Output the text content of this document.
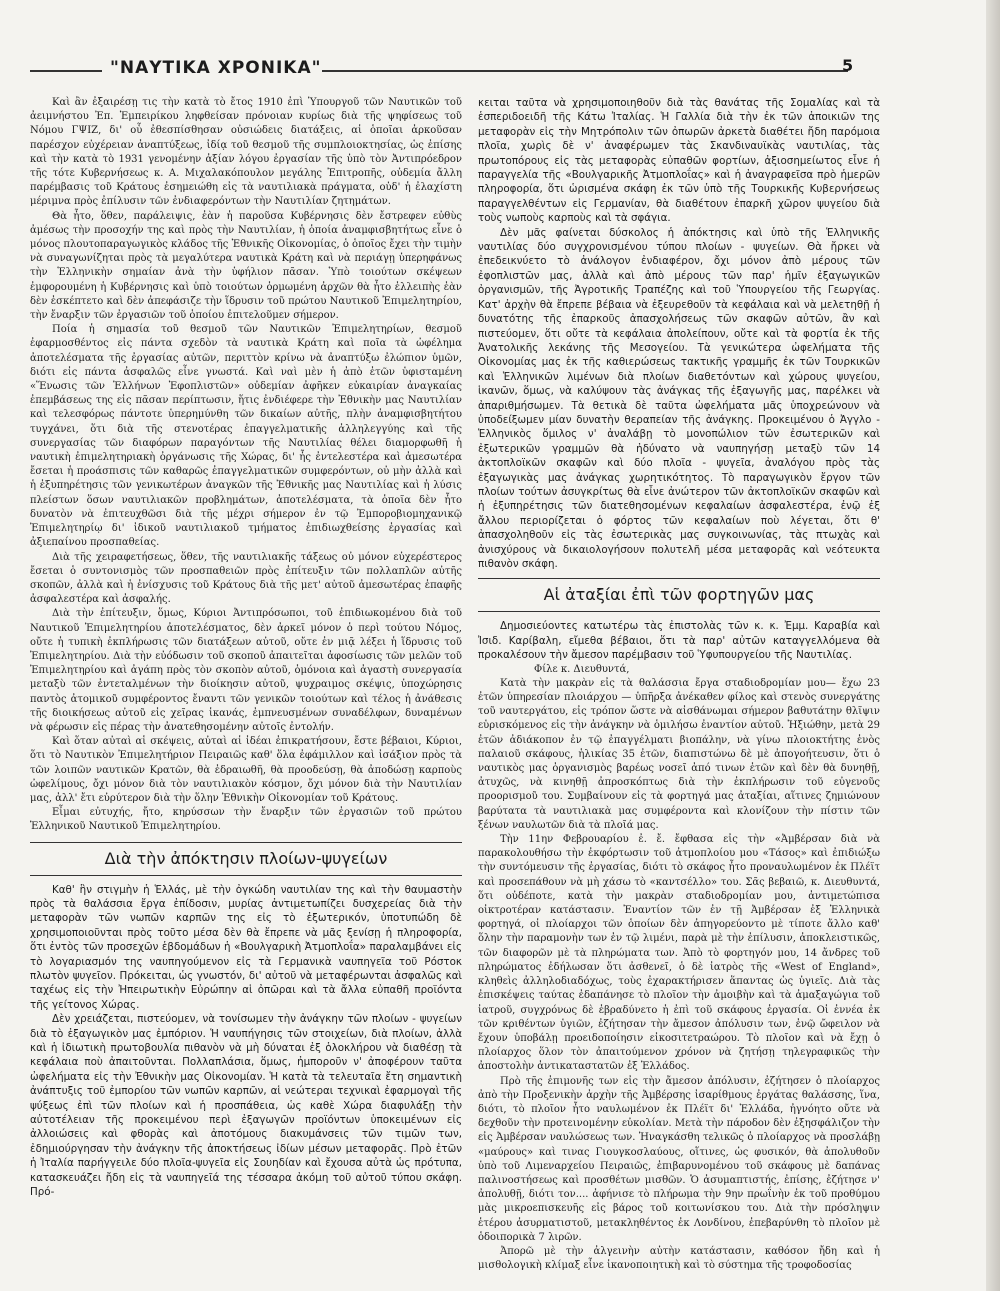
"ΝΑΥΤΙΚΑ ΧΡΟΝΙΚΑ"	5

Καὶ ἂν ἐξαιρέσῃ τις τὴν κατὰ τὸ ἔτος 1910 ἐπὶ Ὑπουργοῦ τῶν Ναυτικῶν τοῦ ἀειμνήστου Ἐπ. Ἐμπειρίκου ληφθείσαν πρόνοιαν κυρίως διὰ τῆς ψηφίσεως τοῦ Νόμου ΓΨΙΖ, δι' οὗ ἐθεσπίσθησαν οὐσιώδεις διατάξεις, αἱ ὁποῖαι ἀρκοῦσαν παρέσχον εὐχέρειαν ἀναπτύξεως, ἰδίᾳ τοῦ θεσμοῦ τῆς συμπλοιοκτησίας, ὡς ἐπίσης καὶ τὴν κατὰ τὸ 1931 γενομένην ἀξίαν λόγου ἐργασίαν τῆς ὑπὸ τὸν Ἀντιπρόεδρον τῆς τότε Κυβερνήσεως κ. Α. Μιχαλακόπουλον μεγάλης Ἐπιτροπῆς, οὐδεμία ἄλλη παρέμβασις τοῦ Κράτους ἐσημειώθη εἰς τὰ ναυτιλιακὰ πράγματα, οὐδ' ἡ ἐλαχίστη μέριμνα πρὸς ἐπίλυσιν τῶν ἐνδιαφερόντων τὴν Ναυτιλίαν ζητημάτων.

Θὰ ἦτο, ὅθεν, παράλειψις, ἐὰν ἡ παροῦσα Κυβέρνησις δὲν ἔστρεφεν εὐθὺς ἀμέσως τὴν προσοχήν της καὶ πρὸς τὴν Ναυτιλίαν, ἡ ὁποία ἀναμφισβητήτως εἶνε ὁ μόνος πλουτοπαραγωγικὸς κλάδος τῆς Ἐθνικῆς Οἰκονομίας, ὁ ὁποῖος ἔχει τὴν τιμὴν νὰ συναγωνίζηται πρὸς τὰ μεγαλύτερα ναυτικὰ Κράτη καὶ νὰ περιάγῃ ὑπερηφάνως τὴν Ἑλληνικὴν σημαίαν ἀνὰ τὴν ὑφήλιον πᾶσαν. Ὑπὸ τοιούτων σκέψεων ἐμφορουμένη ἡ Κυβέρνησις καὶ ὑπὸ τοιούτων ὁρμωμένη ἀρχῶν θὰ ἦτο ἐλλειπὴς ἐὰν δὲν ἐσκέπτετο καὶ δὲν ἀπεφάσιζε τὴν ἵδρυσιν τοῦ πρώτου Ναυτικοῦ Ἐπιμελητηρίου, τὴν ἔναρξιν τῶν ἐργασιῶν τοῦ ὁποίου ἐπιτελοῦμεν σήμερον.

Ποία ἡ σημασία τοῦ θεσμοῦ τῶν Ναυτικῶν Ἐπιμελητηρίων, θεσμοῦ ἐφαρμοσθέντος εἰς πάντα σχεδὸν τὰ ναυτικὰ Κράτη καὶ ποῖα τὰ ὠφέλημα ἀποτελέσματα τῆς ἐργασίας αὐτῶν, περιττὸν κρίνω νὰ ἀναπτύξω ἐλώπιον ὑμῶν, διότι εἰς πάντα ἀσφαλῶς εἶνε γνωστά. Καὶ ναὶ μὲν ἡ ἀπὸ ἐτῶν ὑφισταμένη «Ἕνωσις τῶν Ἑλλήνων Ἐφοπλιστῶν» οὐδεμίαν ἀφῆκεν εὐκαιρίαν ἀναγκαίας ἐπεμβάσεως της εἰς πᾶσαν περίπτωσιν, ἥτις ἐνδιέφερε τὴν Ἐθνικὴν μας Ναυτιλίαν καὶ τελεσφόρως πάντοτε ὑπερημύνθη τῶν δικαίων αὐτῆς, πλὴν ἀναμφισβητήτου τυγχάνει, ὅτι διὰ τῆς στενοτέρας ἐπαγγελματικῆς ἀλληλεγγύης καὶ τῆς συνεργασίας τῶν διαφόρων παραγόντων τῆς Ναυτιλίας θέλει διαμορφωθῆ ἡ ναυτικὴ ἐπιμελητηριακὴ ὀργάνωσις τῆς Χώρας, δι' ἧς ἐντελεστέρα καὶ ἀμεσωτέρα ἔσεται ἡ προάσπισις τῶν καθαρῶς ἐπαγγελματικῶν συμφερόντων, οὐ μὴν ἀλλὰ καὶ ἡ ἐξυπηρέτησις τῶν γενικωτέρων ἀναγκῶν τῆς Ἐθνικῆς μας Ναυτιλίας καὶ ἡ λύσις πλείστων ὅσων ναυτιλιακῶν προβλημάτων, ἀποτελέσματα, τὰ ὁποῖα δὲν ἦτο δυνατὸν νὰ ἐπιτευχθῶσι διὰ τῆς μέχρι σήμερον ἐν τῷ Ἐμποροβιομηχανικῷ Ἐπιμελητηρίῳ δι' ἰδικοῦ ναυτιλιακοῦ τμήματος ἐπιδιωχθείσης ἐργασίας καὶ ἀξιεπαίνου προσπαθείας.

Διὰ τῆς χειραφετήσεως, ὅθεν, τῆς ναυτιλιακῆς τάξεως οὐ μόνον εὐχερέστερος ἔσεται ὁ συντονισμὸς τῶν προσπαθειῶν πρὸς ἐπίτευξιν τῶν πολλαπλῶν αὐτῆς σκοπῶν, ἀλλὰ καὶ ἡ ἐνίσχυσις τοῦ Κράτους διὰ τῆς μετ' αὐτοῦ ἀμεσωτέρας ἐπαφῆς ἀσφαλεστέρα καὶ ἀσφαλής.

Διὰ τὴν ἐπίτευξιν, ὅμως, Κύριοι Ἀντιπρόσωποι, τοῦ ἐπιδιωκομένου διὰ τοῦ Ναυτικοῦ Ἐπιμελητηρίου ἀποτελέσματος, δὲν ἀρκεῖ μόνον ὁ περὶ τούτου Νόμος, οὔτε ἡ τυπικὴ ἐκπλήρωσις τῶν διατάξεων αὐτοῦ, οὔτε ἐν μιᾷ λέξει ἡ ἵδρυσις τοῦ Ἐπιμελητηρίου. Διὰ τὴν εὐόδωσιν τοῦ σκοποῦ ἀπαιτεῖται ἀφοσίωσις τῶν μελῶν τοῦ Ἐπιμελητηρίου καὶ ἀγάπη πρὸς τὸν σκοπὸν αὐτοῦ, ὁμόνοια καὶ ἀγαστὴ συνεργασία μεταξὺ τῶν ἐντεταλμένων τὴν διοίκησιν αὐτοῦ, ψυχραιμος σκέψις, ὑποχώρησις παντὸς ἀτομικοῦ συμφέροντος ἔναντι τῶν γενικῶν τοιούτων καὶ τέλος ἡ ἀνάθεσις τῆς διοικήσεως αὐτοῦ εἰς χεῖρας ἱκανάς, ἐμπνευσμένων συναδέλφων, δυναμένων νὰ φέρωσιν εἰς πέρας τὴν ἀνατεθησομένην αὐτοῖς ἐντολήν.

Καὶ ὅταν αὐταὶ αἱ σκέψεις, αὐταὶ αἱ ἰδέαι ἐπικρατήσουν, ἔστε βέβαιοι, Κύριοι, ὅτι τὸ Ναυτικὸν Ἐπιμελητήριον Πειραιῶς καθ' ὅλα ἐφάμιλλον καὶ ἰσάξιον πρὸς τὰ τῶν λοιπῶν ναυτικῶν Κρατῶν, θὰ ἐδραιωθῆ, θὰ προοδεύσῃ, θὰ ἀποδώσῃ καρποὺς ὠφελίμους, ὄχι μόνον διὰ τὸν ναυτιλιακὸν κόσμον, ὄχι μόνον διὰ τὴν Ναυτιλίαν μας, ἀλλ' ἔτι εὐρύτερον διὰ τὴν ὅλην Ἐθνικὴν Οἰκονομίαν τοῦ Κράτους.

Εἶμαι εὐτυχής, ἤτο, κηρύσσων τὴν ἔναρξιν τῶν ἐργασιῶν τοῦ πρώτου Ἑλληνικοῦ Ναυτικοῦ Ἐπιμελητηρίου.

Διὰ τὴν ἀπόκτησιν πλοίων-ψυγείων

Καθ' ἣν στιγμὴν ἡ Ἑλλάς, μὲ τὴν ὀγκώδη ναυτιλίαν της καὶ τὴν θαυμαστὴν πρὸς τὰ θαλάσσια ἔργα ἐπίδοσιν, μυρίας ἀντιμετωπίζει δυσχερείας διὰ τὴν μεταφορὰν τῶν νωπῶν καρπῶν της εἰς τὸ ἐξωτερικόν, ὑποτυπώδη δὲ χρησιμοποιοῦνται πρὸς τοῦτο μέσα δὲν θὰ ἔπρεπε νὰ μᾶς ξενίσῃ ἡ πληροφορία, ὅτι ἐντὸς τῶν προσεχῶν ἑβδομάδων ἡ «Βουλγαρικὴ Ἀτμοπλοΐα» παραλαμβάνει εἰς τὸ λογαριασμόν της ναυπηγούμενον εἰς τὰ Γερμανικὰ ναυπηγεῖα τοῦ Ρόστοκ πλωτὸν ψυγεῖον. Πρόκειται, ὡς γνωστόν, δι' αὐτοῦ νὰ μεταφέρωνται ἀσφαλῶς καὶ ταχέως εἰς τὴν Ἠπειρωτικὴν Εὐρώπην αἱ ὀπῶραι καὶ τὰ ἄλλα εὐπαθῆ προϊόντα τῆς γείτονος Χώρας.

Δὲν χρειάζεται, πιστεύομεν, νὰ τονίσωμεν τὴν ἀνάγκην τῶν πλοίων - ψυγείων διὰ τὸ ἐξαγωγικὸν μας ἐμπόριον. Ἡ ναυπήγησις τῶν στοιχείων, διὰ πλοίων, ἀλλὰ καὶ ἡ ἰδιωτικὴ πρωτοβουλία πιθανὸν νὰ μὴ δύναται ἐξ ὁλοκλήρου νὰ διαθέσῃ τὰ κεφάλαια ποὺ ἀπαιτοῦνται. Πολλαπλάσια, ὅμως, ἠμποροῦν ν' ἀποφέρουν ταῦτα ὠφελήματα εἰς τὴν Ἐθνικὴν μας Οἰκονομίαν. Ἡ κατὰ τὰ τελευταῖα ἔτη σημαντικὴ ἀνάπτυξις τοῦ ἐμπορίου τῶν νωπῶν καρπῶν, αἱ νεώτεραι τεχνικαὶ ἐφαρμογαὶ τῆς ψύξεως ἐπὶ τῶν πλοίων καὶ ἡ προσπάθεια, ὡς καθὲ Χώρα διαφυλάξῃ τὴν αὐτοτέλειαν τῆς προκειμένου περὶ ἐξαγωγῶν προϊόντων ὑποκειμένων εἰς ἀλλοιώσεις καὶ φθορὰς καὶ ἀποτόμους διακυμάνσεις τῶν τιμῶν των, ἐδημιούργησαν τὴν ἀνάγκην τῆς ἀποκτήσεως ἰδίων μέσων μεταφορᾶς. Πρὸ ἐτῶν ἡ Ἰταλία παρήγγειλε δύο πλοῖα-ψυγεῖα εἰς Σουηδίαν καὶ ἔχουσα αὐτὰ ὡς πρότυπα, κατασκευάζει ἤδη εἰς τὰ ναυπηγεῖά της τέσσαρα ἀκόμη τοῦ αὐτοῦ τύπου σκάφη. Πρό-

κειται ταῦτα νὰ χρησιμοποιηθοῦν διὰ τὰς θανάτας τῆς Σομαλίας καὶ τὰ ἑσπεριδοειδῆ τῆς Κάτω Ἰταλίας. Ἡ Γαλλία διὰ τὴν ἐκ τῶν ἀποικιῶν της μεταφορὰν εἰς τὴν Μητρόπολιν τῶν ὀπωρῶν ἀρκετὰ διαθέτει ἤδη παρόμοια πλοῖα, χωρὶς δὲ ν' ἀναφέρωμεν τὰς Σκανδιναυϊκὰς ναυτιλίας, τὰς πρωτοπόρους εἰς τὰς μεταφορὰς εὐπαθῶν φορτίων, ἀξιοσημείωτος εἶνε ἡ παραγγελία τῆς «Βουλγαρικῆς Ἀτμοπλοΐας» καὶ ἡ ἀναγραφεῖσα πρὸ ἡμερῶν πληροφορία, ὅτι ὡρισμένα σκάφη ἐκ τῶν ὑπὸ τῆς Τουρκικῆς Κυβερνήσεως παραγγελθέντων εἰς Γερμανίαν, θὰ διαθέτουν ἐπαρκῆ χῶρον ψυγείου διὰ τοὺς νωποὺς καρποὺς καὶ τὰ σφάγια.

Δὲν μᾶς φαίνεται δύσκολος ἡ ἀπόκτησις καὶ ὑπὸ τῆς Ἑλληνικῆς ναυτιλίας δύο συγχρονισμένου τύπου πλοίων - ψυγείων. Θὰ ἤρκει νὰ ἐπεδεικνύετο τὸ ἀνάλογον ἐνδιαφέρον, ὄχι μόνον ἀπὸ μέρους τῶν ἐφοπλιστῶν μας, ἀλλὰ καὶ ἀπὸ μέρους τῶν παρ' ἡμῖν ἐξαγωγικῶν ὀργανισμῶν, τῆς Ἀγροτικῆς Τραπέζης καὶ τοῦ Ὑπουργείου τῆς Γεωργίας. Κατ' ἀρχὴν θὰ ἔπρεπε βέβαια νὰ ἐξευρεθοῦν τὰ κεφάλαια καὶ νὰ μελετηθῇ ἡ δυνατότης τῆς ἐπαρκοῦς ἀπασχολήσεως τῶν σκαφῶν αὐτῶν, ἂν καὶ πιστεύομεν, ὅτι οὔτε τὰ κεφάλαια ἀπολείπουν, οὔτε καὶ τὰ φορτία ἐκ τῆς Ἀνατολικῆς λεκάνης τῆς Μεσογείου. Τὰ γενικώτερα ὠφελήματα τῆς Οἰκονομίας μας ἐκ τῆς καθιερώσεως τακτικῆς γραμμῆς ἐκ τῶν Τουρκικῶν καὶ Ἑλληνικῶν λιμένων διὰ πλοίων διαθετόντων καὶ χώρους ψυγείου, ἱκανῶν, ὅμως, νὰ καλύψουν τὰς ἀνάγκας τῆς ἐξαγωγῆς μας, παρέλκει νὰ ἀπαριθμήσωμεν. Τὰ θετικὰ δὲ ταῦτα ὠφελήματα μᾶς ὑποχρεώνουν νὰ ὑποδείξωμεν μίαν δυνατὴν θεραπείαν τῆς ἀνάγκης. Προκειμένου ὁ Ἀγγλο - Ἑλληνικὸς ὅμιλος ν' ἀναλάβῃ τὸ μονοπώλιον τῶν ἐσωτερικῶν καὶ ἐξωτερικῶν γραμμῶν θὰ ἠδύνατο νὰ ναυπηγήσῃ μεταξὺ τῶν 14 ἀκτοπλοϊκῶν σκαφῶν καὶ δύο πλοῖα - ψυγεῖα, ἀναλόγου πρὸς τὰς ἐξαγωγικὰς μας ἀνάγκας χωρητικότητος. Τὸ παραγωγικὸν ἔργον τῶν πλοίων τούτων ἀσυγκρίτως θὰ εἶνε ἀνώτερον τῶν ἀκτοπλοϊκῶν σκαφῶν καὶ ἡ ἐξυπηρέτησις τῶν διατεθησομένων κεφαλαίων ἀσφαλεστέρα, ἐνῷ ἐξ ἄλλου περιορίζεται ὁ φόρτος τῶν κεφαλαίων ποὺ λέγεται, ὅτι θ' ἀπασχοληθοῦν εἰς τὰς ἐσωτερικὰς μας συγκοινωνίας, τὰς πτωχὰς καὶ ἀνισχύρους νὰ δικαιολογήσουν πολυτελῆ μέσα μεταφορᾶς καὶ νεότευκτα πιθανὸν σκάφη.

Αἱ ἀταξίαι ἐπὶ τῶν φορτηγῶν μας

Δημοσιεύοντες κατωτέρω τὰς ἐπιστολὰς τῶν κ. κ. Ἐμμ. Καραβία καὶ Ἰσιδ. Καρίβαλη, εἴμεθα βέβαιοι, ὅτι τὰ παρ' αὐτῶν καταγγελλόμενα θὰ προκαλέσουν τὴν ἄμεσον παρέμβασιν τοῦ Ὑφυπουργείου τῆς Ναυτιλίας.

Φίλε κ. Διευθυντά,

Κατὰ τὴν μακρὰν εἰς τὰ θαλάσσια ἔργα σταδιοδρομίαν μου— ἔχω 23 ἐτῶν ὑπηρεσίαν πλοιάρχου — ὑπῆρξα ἀνέκαθεν φίλος καὶ στενὸς συνεργάτης τοῦ ναυτεργάτου, εἰς τρόπον ὥστε νὰ αἰσθάνωμαι σήμερον βαθυτάτην θλῖψιν εὑρισκόμενος εἰς τὴν ἀνάγκην νὰ ὁμιλήσω ἐναντίον αὐτοῦ. Ἠξιώθην, μετὰ 29 ἐτῶν ἀδιάκοπον ἐν τῷ ἐπαγγέλματι βιοπάλην, νὰ γίνω πλοιοκτήτης ἑνὸς παλαιοῦ σκάφους, ἡλικίας 35 ἐτῶν, διαπιστώνω δὲ μὲ ἀπογοήτευσιν, ὅτι ὁ ναυτικὸς μας ὀργανισμὸς βαρέως νοσεῖ ἀπό τινων ἐτῶν καὶ δὲν θὰ δυνηθῇ, ἀτυχῶς, νὰ κινηθῇ ἀπροσκόπτως διὰ τὴν ἐκπλήρωσιν τοῦ εὐγενοῦς προορισμοῦ του. Συμβαίνουν εἰς τὰ φορτηγά μας ἀταξίαι, αἵτινες ζημιώνουν βαρύτατα τὰ ναυτιλιακὰ μας συμφέροντα καὶ κλονίζουν τὴν πίστιν τῶν ξένων ναυλωτῶν διὰ τὰ πλοῖά μας.

Τὴν 11ην Φεβρουαρίου ἐ. ἔ. ἔφθασα εἰς τὴν «Ἀμβέρσαν διὰ νὰ παρακολουθήσω τὴν ἐκφόρτωσιν τοῦ ἀτμοπλοίου μου «Τάσος» καὶ ἐπιδιώξω τὴν συντόμευσιν τῆς ἐργασίας, διότι τὸ σκάφος ἦτο προναυλωμένον ἐκ Πλέϊτ καὶ προσεπάθουν νὰ μὴ χάσω τὸ «καντσέλλο» του. Σᾶς βεβαιῶ, κ. Διευθυντά, ὅτι οὐδέποτε, κατὰ τὴν μακρὰν σταδιοδρομίαν μου, ἀντιμετώπισα οἰκτροτέραν κατάστασιν. Ἐναντίον τῶν ἐν τῇ Ἀμβέρσαν ἐξ Ἑλληνικὰ φορτηγά, οἱ πλοίαρχοι τῶν ὁποίων δὲν ἀπηγορεύοντο μὲ τίποτε ἄλλο καθ' ὅλην τὴν παραμονὴν των ἐν τῷ λιμένι, παρὰ μὲ τὴν ἐπίλυσιν, ἀποκλειστικῶς, τῶν διαφορῶν μὲ τὰ πληρώματα των. Ἀπὸ τὸ φορτηγόν μου, 14 ἄνδρες τοῦ πληρώματος ἐδήλωσαν ὅτι ἀσθενεῖ, ὁ δὲ ἰατρὸς τῆς «West of England», κληθεὶς ἀλληλοδιαδόχως, τοὺς ἐχαρακτήρισεν ἅπαντας ὡς ὑγιεῖς. Διὰ τὰς ἐπισκέψεις ταύτας ἐδαπάνησε τὸ πλοῖον τὴν ἀμοιβὴν καὶ τὰ ἀμαξαγώγια τοῦ ἰατροῦ, συγχρόνως δὲ ἐβραδύνετο ἡ ἐπὶ τοῦ σκάφους ἐργασία. Οἱ ἐννέα ἐκ τῶν κριθέντων ὑγιῶν, ἐζήτησαν τὴν ἄμεσον ἀπόλυσιν των, ἐνῷ ὤφειλον νὰ ἔχουν ὑποβάλῃ προειδοποίησιν εἰκοσιτετραώρου. Τὸ πλοῖον καὶ νὰ ἔχῃ ὁ πλοίαρχος ὅλον τὸν ἀπαιτούμενον χρόνον νὰ ζητήσῃ τηλεγραφικῶς τὴν ἀποστολὴν ἀντικαταστατῶν ἐξ Ἑλλάδος.

Πρὸ τῆς ἐπιμονῆς των εἰς τὴν ἄμεσον ἀπόλυσιν, ἐζήτησεν ὁ πλοίαρχος ἀπὸ τὴν Προξενικὴν ἀρχὴν τῆς Ἀμβέρσης ἰσαρίθμους ἐργάτας θαλάσσης, ἵνα, διότι, τὸ πλοῖον ἦτο ναυλωμένον ἐκ Πλέϊτ δι' Ἑλλάδα, ἠγνόητο οὔτε νὰ δεχθοῦν τὴν προτεινομένην εὐκολίαν. Μετὰ τὴν πάροδον δὲν ἐξησφάλιζον τὴν εἰς Ἀμβέρσαν ναυλώσεως των. Ἠναγκάσθη τελικῶς ὁ πλοίαρχος νὰ προσλάβῃ «μαύρους» καὶ τινας Γιουγκοσλαύους, οἵτινες, ὡς φυσικόν, θὰ ἀπολυθοῦν ὑπὸ τοῦ Λιμεναρχείου Πειραιῶς, ἐπιβαρυνομένου τοῦ σκάφους μὲ δαπάνας παλινοστήσεως καὶ προσθέτων μισθῶν. Ὁ ἀσυμαπτιστής, ἐπίσης, ἐζήτησε ν' ἀπολυθῇ, διότι τον.... ἀφήνισε τὸ πλήρωμα τὴν 9ην πρωΐνὴν ἐκ τοῦ προθύμου μὰς μικροεπισκευῆς εἰς βάρος τοῦ κοιτωνίσκου του. Διὰ τὴν πρόσληψιν ἑτέρου ἀσυρματιστοῦ, μετακληθέντος ἐκ Λονδίνου, ἐπεβαρύνθη τὸ πλοῖον μὲ ὁδοιπορικὰ 7 λιρῶν.

Ἀπορῶ μὲ τὴν ἀλγεινὴν αὐτὴν κατάστασιν, καθόσον ἤδη καὶ ἡ μισθολογικὴ κλίμαξ εἶνε ἱκανοποιητικὴ καὶ τὸ σύστημα τῆς τροφοδοσίας
